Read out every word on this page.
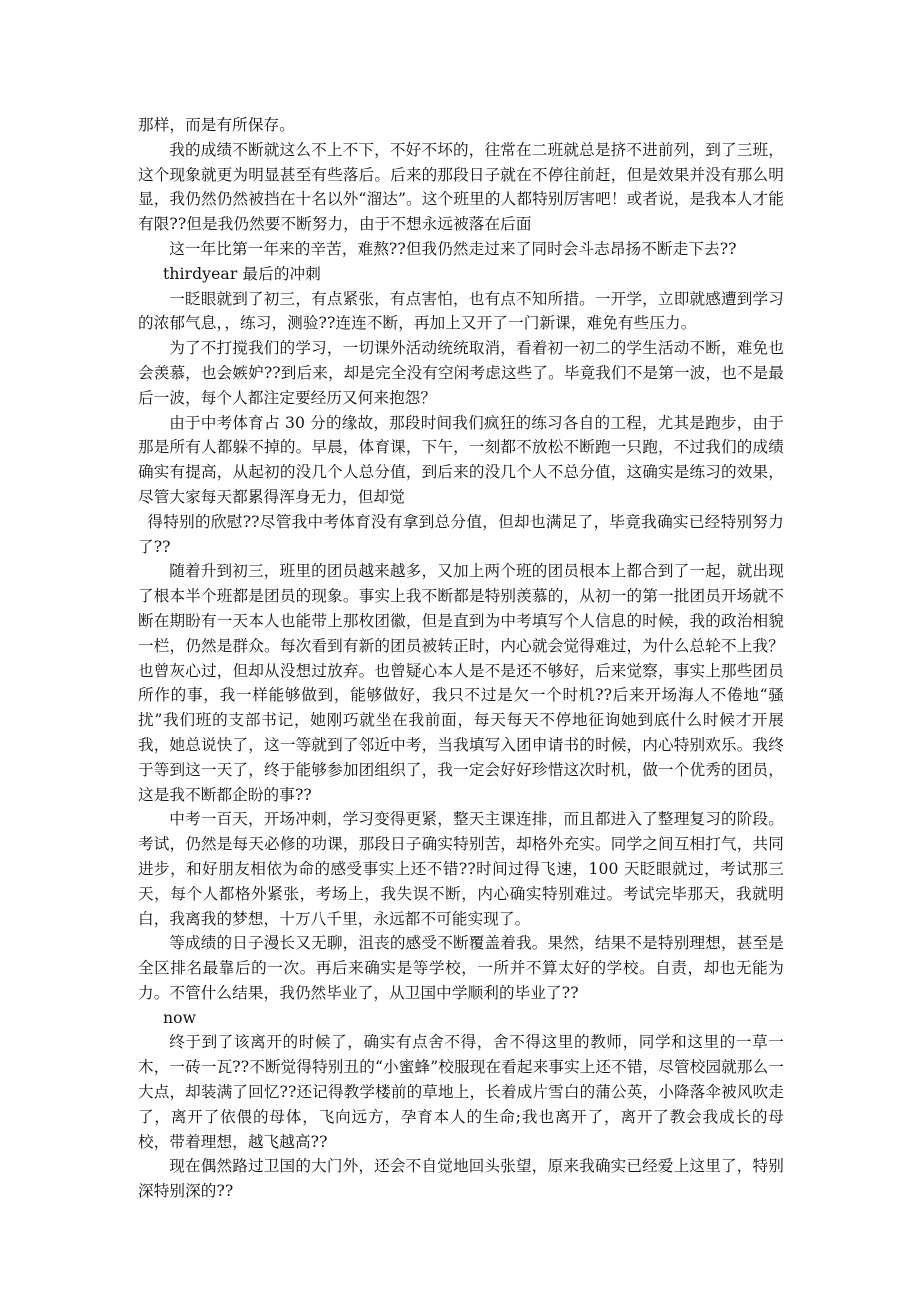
那样，而是有所保存。

我的成绩不断就这么不上不下，不好不坏的，往常在二班就总是挤不进前列，到了三班，这个现象就更为明显甚至有些落后。后来的那段日子就在不停往前赶，但是效果并没有那么明显，我仍然仍然被挡在十名以外“溜达”。这个班里的人都特别厉害吧！或者说，是我本人才能有限??但是我仍然要不断努力，由于不想永远被落在后面

这一年比第一年来的辛苦，难熬??但我仍然走过来了同时会斗志昂扬不断走下去??

thirdyear 最后的冲刺

一眨眼就到了初三，有点紧张，有点害怕，也有点不知所措。一开学，立即就感遭到学习的浓郁气息，，练习，测验??连连不断，再加上又开了一门新课，难免有些压力。

为了不打搅我们的学习，一切课外活动统统取消，看着初一初二的学生活动不断，难免也会羡慕，也会嫉妒??到后来，却是完全没有空闲考虑这些了。毕竟我们不是第一波，也不是最后一波，每个人都注定要经历又何来抱怨？

由于中考体育占 30 分的缘故，那段时间我们疯狂的练习各自的工程，尤其是跑步，由于那是所有人都躲不掉的。早晨，体育课，下午，一刻都不放松不断跑一只跑，不过我们的成绩确实有提高，从起初的没几个人总分值，到后来的没几个人不总分值，这确实是练习的效果，尽管大家每天都累得浑身无力，但却觉

得特别的欣慰??尽管我中考体育没有拿到总分值，但却也满足了，毕竟我确实已经特别努力了??

随着升到初三，班里的团员越来越多，又加上两个班的团员根本上都合到了一起，就出现了根本半个班都是团员的现象。事实上我不断都是特别羡慕的，从初一的第一批团员开场就不断在期盼有一天本人也能带上那枚团徽，但是直到为中考填写个人信息的时候，我的政治相貌一栏，仍然是群众。每次看到有新的团员被转正时，内心就会觉得难过，为什么总轮不上我？也曾灰心过，但却从没想过放弃。也曾疑心本人是不是还不够好，后来觉察，事实上那些团员所作的事，我一样能够做到，能够做好，我只不过是欠一个时机??后来开场海人不倦地“骚扰”我们班的支部书记，她刚巧就坐在我前面，每天每天不停地征询她到底什么时候才开展我，她总说快了，这一等就到了邻近中考，当我填写入团申请书的时候，内心特别欢乐。我终于等到这一天了，终于能够参加团组织了，我一定会好好珍惜这次时机，做一个优秀的团员，这是我不断都企盼的事??

中考一百天，开场冲刺，学习变得更紧，整天主课连排，而且都进入了整理复习的阶段。考试，仍然是每天必修的功课，那段日子确实特别苦，却格外充实。同学之间互相打气，共同进步，和好朋友相依为命的感受事实上还不错??时间过得飞速，100 天眨眼就过，考试那三天，每个人都格外紧张，考场上，我失误不断，内心确实特别难过。考试完毕那天，我就明白，我离我的梦想，十万八千里，永远都不可能实现了。

等成绩的日子漫长又无聊，沮丧的感受不断覆盖着我。果然，结果不是特别理想，甚至是全区排名最靠后的一次。再后来确实是等学校，一所并不算太好的学校。自责，却也无能为力。不管什么结果，我仍然毕业了，从卫国中学顺利的毕业了??

now

终于到了该离开的时候了，确实有点舍不得，舍不得这里的教师，同学和这里的一草一木，一砖一瓦??不断觉得特别丑的“小蜜蜂”校服现在看起来事实上还不错，尽管校园就那么一大点，却装满了回忆??还记得教学楼前的草地上，长着成片雪白的蒲公英，小降落伞被风吹走了，离开了依偎的母体，飞向远方，孕育本人的生命;我也离开了，离开了教会我成长的母校，带着理想，越飞越高??

现在偶然路过卫国的大门外，还会不自觉地回头张望，原来我确实已经爱上这里了，特别深特别深的??
